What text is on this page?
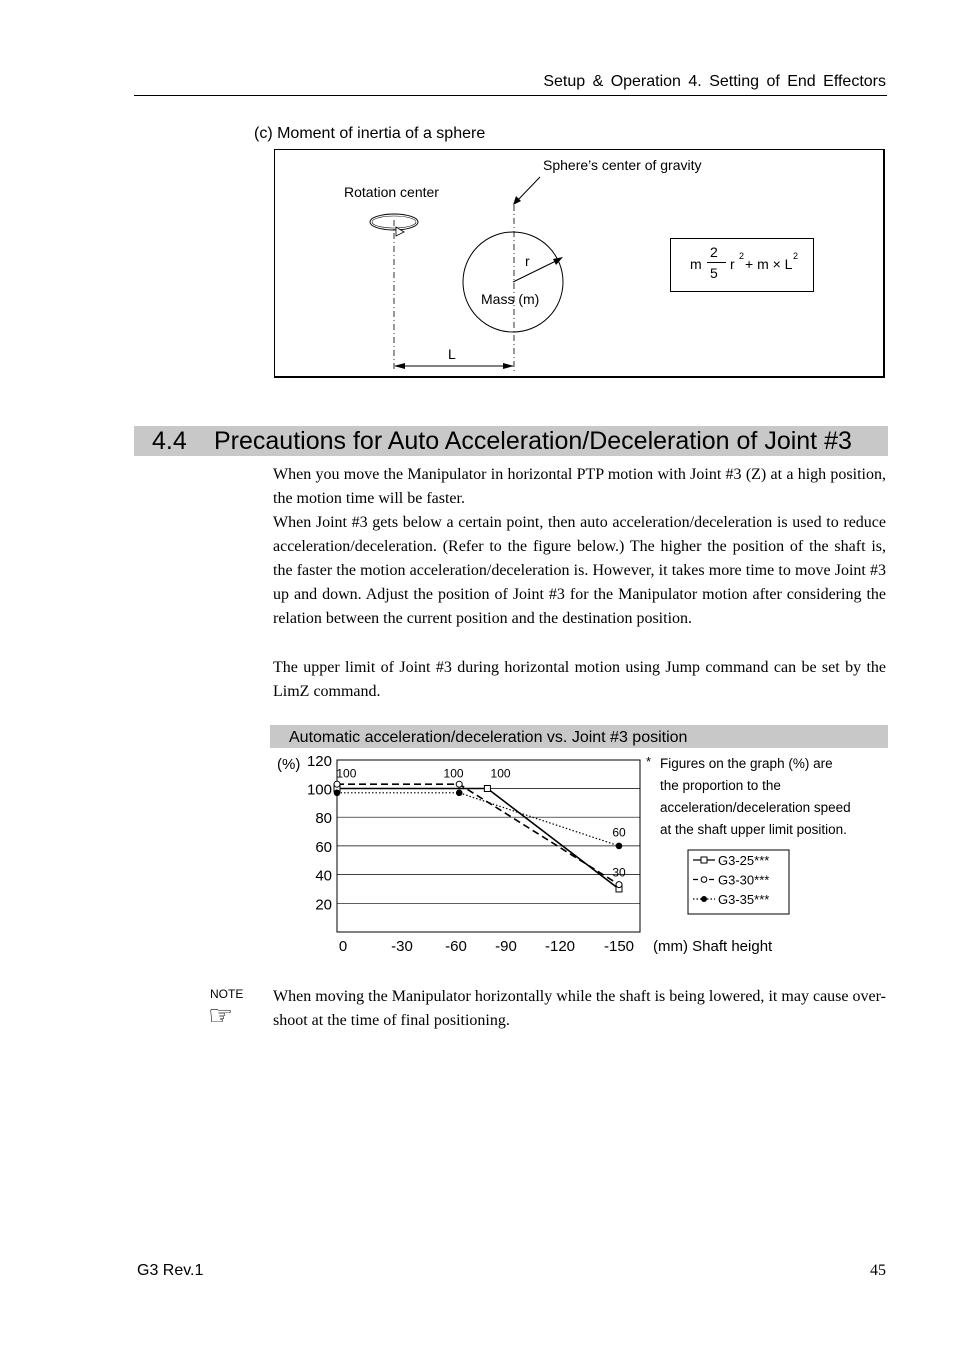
Setup & Operation 4. Setting of End Effectors
(c) Moment of inertia of a sphere
Sphere’s center of gravity
Rotation center
r
Mass (m)
L
m
2
5
r 2 + m × L 2
4.4 Precautions for Auto Acceleration/Deceleration of Joint #3

When you move the Manipulator in horizontal PTP motion with Joint #3 (Z) at a high position, the motion time will be faster.

When Joint #3 gets below a certain point, then auto acceleration/deceleration is used to reduce acceleration/deceleration. (Refer to the figure below.) The higher the position of the shaft is, the faster the motion acceleration/deceleration is. However, it takes more time to move Joint #3 up and down. Adjust the position of Joint #3 for the Manipulator motion after considering the relation between the current position and the destination position.

The upper limit of Joint #3 during horizontal motion using Jump command can be set by the LimZ command.

Automatic acceleration/deceleration vs. Joint #3 position
120
100
80
60
40
20
(%)
0	-30 -60 -90 -120 -150 (mm) Shaft height
100	100 100
60
30
G3-25***
G3-30***
G3-35***
* Figures on the graph (%) are
the proportion to the
acceleration/deceleration speed
at the shaft upper limit position.
NOTE
☞

When moving the Manipulator horizontally while the shaft is being lowered, it may cause over-shoot at the time of final positioning.

G3 Rev.1	45
